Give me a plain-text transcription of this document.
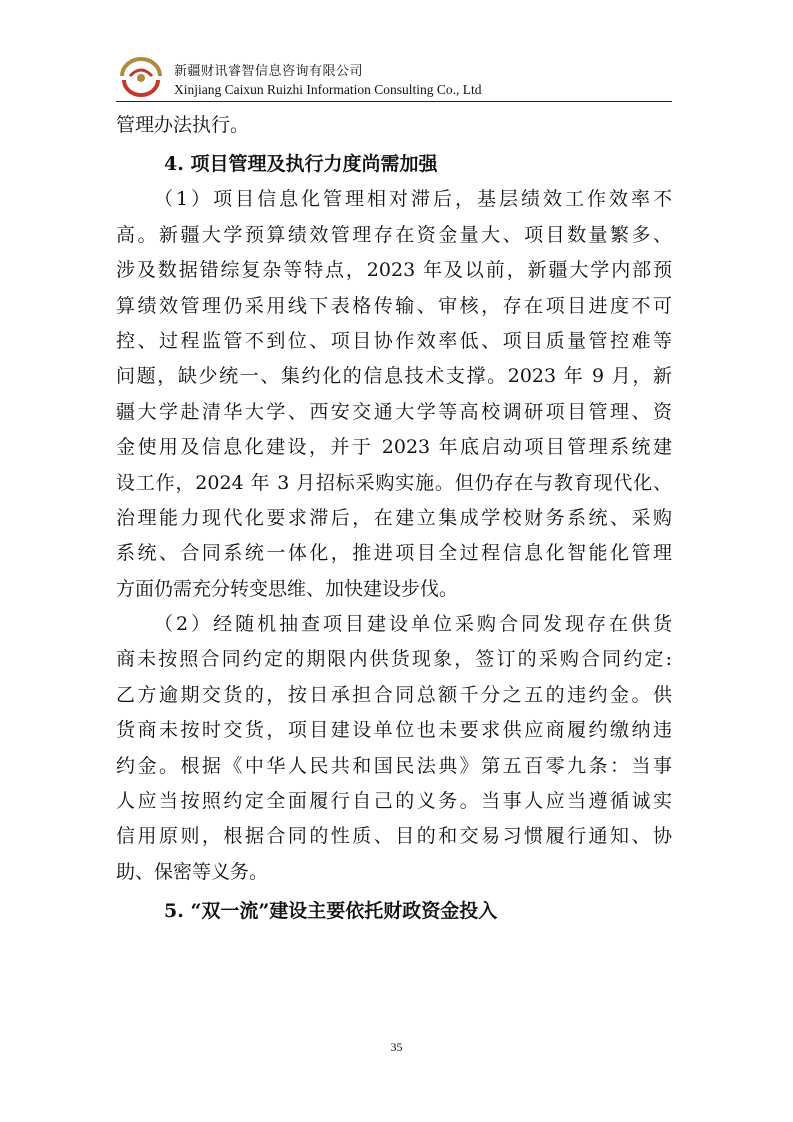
新疆财讯睿智信息咨询有限公司
Xinjiang Caixun Ruizhi Information Consulting Co., Ltd
管理办法执行。
4. 项目管理及执行力度尚需加强
（1）项目信息化管理相对滞后，基层绩效工作效率不
高。新疆大学预算绩效管理存在资金量大、项目数量繁多、
涉及数据错综复杂等特点，2023 年及以前，新疆大学内部预
算绩效管理仍采用线下表格传输、审核，存在项目进度不可
控、过程监管不到位、项目协作效率低、项目质量管控难等
问题，缺少统一、集约化的信息技术支撑。2023 年 9 月，新
疆大学赴清华大学、西安交通大学等高校调研项目管理、资
金使用及信息化建设，并于 2023 年底启动项目管理系统建
设工作，2024 年 3 月招标采购实施。但仍存在与教育现代化、
治理能力现代化要求滞后，在建立集成学校财务系统、采购
系统、合同系统一体化，推进项目全过程信息化智能化管理
方面仍需充分转变思维、加快建设步伐。
（2）经随机抽查项目建设单位采购合同发现存在供货
商未按照合同约定的期限内供货现象，签订的采购合同约定:
乙方逾期交货的，按日承担合同总额千分之五的违约金。供
货商未按时交货，项目建设单位也未要求供应商履约缴纳违
约金。根据《中华人民共和国民法典》第五百零九条：当事
人应当按照约定全面履行自己的义务。当事人应当遵循诚实
信用原则，根据合同的性质、目的和交易习惯履行通知、协
助、保密等义务。
5. “双一流”建设主要依托财政资金投入
35
